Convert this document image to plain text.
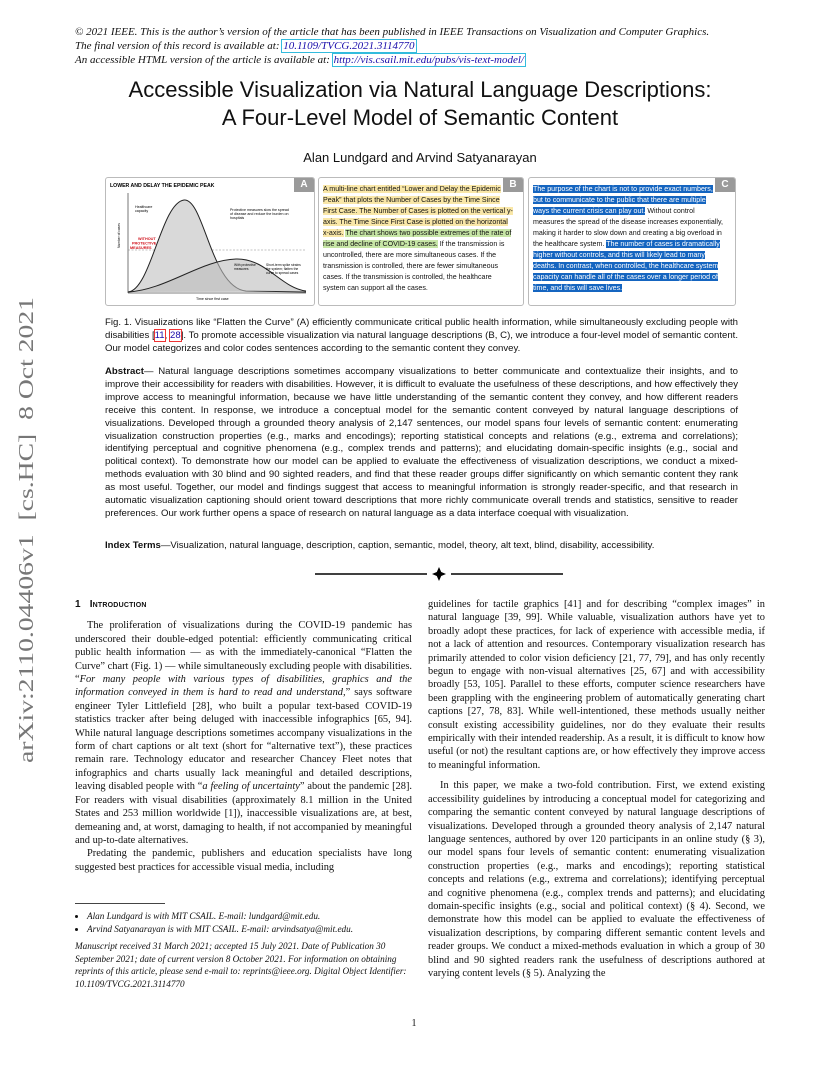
© 2021 IEEE. This is the author’s version of the article that has been published in IEEE Transactions on Visualization and Computer Graphics.
The final version of this record is available at: 10.1109/TVCG.2021.3114770
An accessible HTML version of the article is available at: http://vis.csail.mit.edu/pubs/vis-text-model/
arXiv:2110.04406v1  [cs.HC]  8 Oct 2021
Accessible Visualization via Natural Language Descriptions:
A Four-Level Model of Semantic Content
Alan Lundgard and Arvind Satyanarayan
A
LOWER AND DELAY THE EPIDEMIC PEAK
Healthcare capacity
WITHOUT PROTECTIVE MEASURES
Protective measures slow the spread of disease and reduce the burden on hospitals
With protective measures
Short-term spike strains the system; flatten the curve to spread cases
Number of cases
Time since first case
B
A multi-line chart entitled “Lower and Delay the Epidemic Peak” that plots the Number of Cases by the Time Since First Case. The Number of Cases is plotted on the vertical y-axis. The Time Since First Case is plotted on the horizontal x-axis. The chart shows two possible extremes of the rate of rise and decline of COVID-19 cases. If the transmission is uncontrolled, there are more simultaneous cases. If the transmission is controlled, there are fewer simultaneous cases. If the transmission is controlled, the healthcare system can support all the cases.
C
The purpose of the chart is not to provide exact numbers, but to communicate to the public that there are multiple ways the current crisis can play out. Without control measures the spread of the disease increases exponentially, making it harder to slow down and creating a big overload in the healthcare system. The number of cases is dramatically higher without controls, and this will likely lead to many deaths. In contrast, when controlled, the healthcare system capacity can handle all of the cases over a longer period of time, and this will save lives.
Fig. 1. Visualizations like “Flatten the Curve” (A) efficiently communicate critical public health information, while simultaneously excluding people with disabilities [11, 28]. To promote accessible visualization via natural language descriptions (B, C), we introduce a four-level model of semantic content. Our model categorizes and color codes sentences according to the semantic content they convey.
Abstract— Natural language descriptions sometimes accompany visualizations to better communicate and contextualize their insights, and to improve their accessibility for readers with disabilities. However, it is difficult to evaluate the usefulness of these descriptions, and how effectively they improve access to meaningful information, because we have little understanding of the semantic content they convey, and how different readers receive this content. In response, we introduce a conceptual model for the semantic content conveyed by natural language descriptions of visualizations. Developed through a grounded theory analysis of 2,147 sentences, our model spans four levels of semantic content: enumerating visualization construction properties (e.g., marks and encodings); reporting statistical concepts and relations (e.g., extrema and correlations); identifying perceptual and cognitive phenomena (e.g., complex trends and patterns); and elucidating domain-specific insights (e.g., social and political context). To demonstrate how our model can be applied to evaluate the effectiveness of visualization descriptions, we conduct a mixed-methods evaluation with 30 blind and 90 sighted readers, and find that these reader groups differ significantly on which semantic content they rank as most useful. Together, our model and findings suggest that access to meaningful information is strongly reader-specific, and that research in automatic visualization captioning should orient toward descriptions that more richly communicate overall trends and statistics, sensitive to reader preferences. Our work further opens a space of research on natural language as a data interface coequal with visualization.
Index Terms—Visualization, natural language, description, caption, semantic, model, theory, alt text, blind, disability, accessibility.
1 Introduction

The proliferation of visualizations during the COVID-19 pandemic has underscored their double-edged potential: efficiently communicating critical public health information — as with the immediately-canonical “Flatten the Curve” chart (Fig. 1) — while simultaneously excluding people with disabilities. “For many people with various types of disabilities, graphics and the information conveyed in them is hard to read and understand,” says software engineer Tyler Littlefield [28], who built a popular text-based COVID-19 statistics tracker after being deluged with inaccessible infographics [65, 94]. While natural language descriptions sometimes accompany visualizations in the form of chart captions or alt text (short for “alternative text”), these practices remain rare. Technology educator and researcher Chancey Fleet notes that infographics and charts usually lack meaningful and detailed descriptions, leaving disabled people with “a feeling of uncertainty” about the pandemic [28]. For readers with visual disabilities (approximately 8.1 million in the United States and 253 million worldwide [1]), inaccessible visualizations are, at best, demeaning and, at worst, damaging to health, if not accompanied by meaningful and up-to-date alternatives.

Predating the pandemic, publishers and education specialists have long suggested best practices for accessible visual media, including

• Alan Lundgard is with MIT CSAIL. E-mail: lundgard@mit.edu.
• Arvind Satyanarayan is with MIT CSAIL. E-mail: arvindsatya@mit.edu.
Manuscript received 31 March 2021; accepted 15 July 2021. Date of Publication 30 September 2021; date of current version 8 October 2021. For information on obtaining reprints of this article, please send e-mail to: reprints@ieee.org. Digital Object Identifier: 10.1109/TVCG.2021.3114770

guidelines for tactile graphics [41] and for describing “complex images” in natural language [39, 99]. While valuable, visualization authors have yet to broadly adopt these practices, for lack of experience with accessible media, if not a lack of attention and resources. Contemporary visualization research has primarily attended to color vision deficiency [21, 77, 79], and has only recently begun to engage with non-visual alternatives [25, 67] and with accessibility broadly [53, 105]. Parallel to these efforts, computer science researchers have been grappling with the engineering problem of automatically generating chart captions [27, 78, 83]. While well-intentioned, these methods usually neither consult existing accessibility guidelines, nor do they evaluate their results empirically with their intended readership. As a result, it is difficult to know how useful (or not) the resultant captions are, or how effectively they improve access to meaningful information.

In this paper, we make a two-fold contribution. First, we extend existing accessibility guidelines by introducing a conceptual model for categorizing and comparing the semantic content conveyed by natural language descriptions of visualizations. Developed through a grounded theory analysis of 2,147 natural language sentences, authored by over 120 participants in an online study (§ 3), our model spans four levels of semantic content: enumerating visualization construction properties (e.g., marks and encodings); reporting statistical concepts and relations (e.g., extrema and correlations); identifying perceptual and cognitive phenomena (e.g., complex trends and patterns); and elucidating domain-specific insights (e.g., social and political context) (§ 4). Second, we demonstrate how this model can be applied to evaluate the effectiveness of visualization descriptions, by comparing different semantic content levels and reader groups. We conduct a mixed-methods evaluation in which a group of 30 blind and 90 sighted readers rank the usefulness of descriptions authored at varying content levels (§ 5). Analyzing the

1
